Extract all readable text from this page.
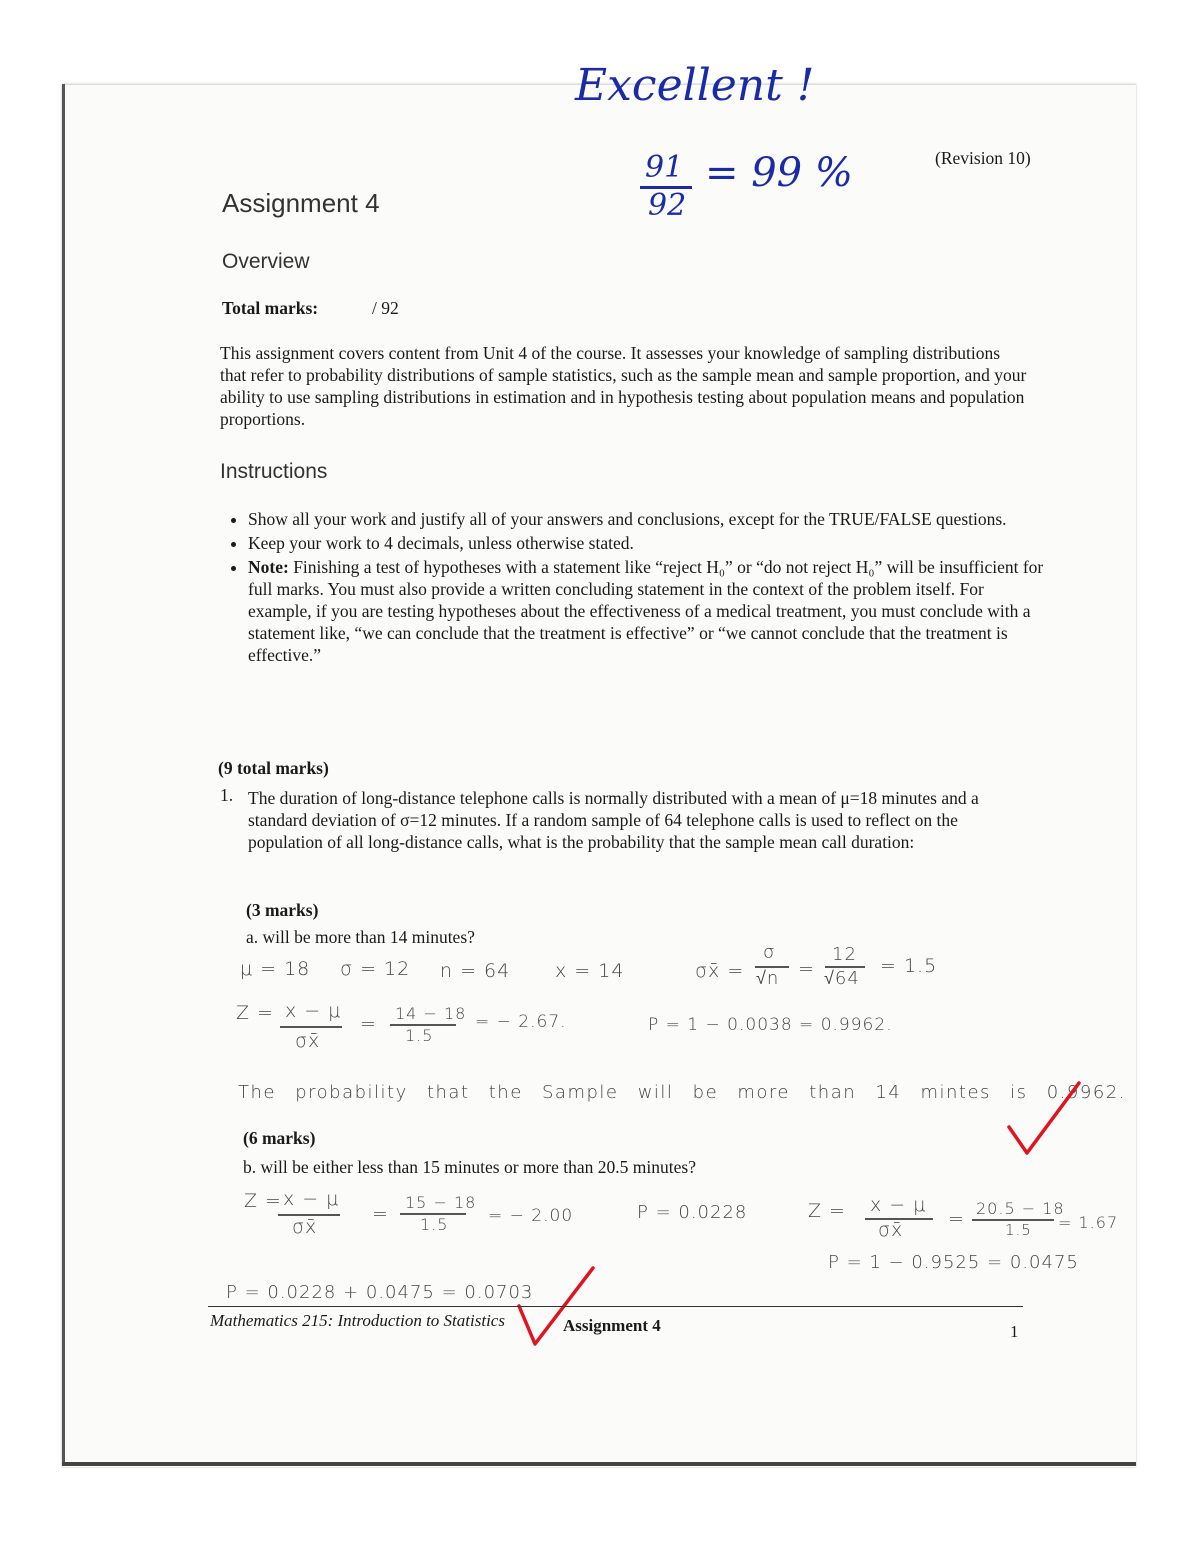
Excellent !
91
92
= 99 %	(Revision 10)
Assignment 4
Overview
Total marks:	/ 92
This assignment covers content from Unit 4 of the course. It assesses your knowledge of sampling distributions that refer to probability distributions of sample statistics, such as the sample mean and sample proportion, and your ability to use sampling distributions in estimation and in hypothesis testing about population means and population proportions.
Instructions
• Show all your work and justify all of your answers and conclusions, except for the TRUE/FALSE questions.
• Keep your work to 4 decimals, unless otherwise stated.
• Note: Finishing a test of hypotheses with a statement like “reject H₀” or “do not reject H₀” will be insufficient for full marks. You must also provide a written concluding statement in the context of the problem itself. For example, if you are testing hypotheses about the effectiveness of a medical treatment, you must conclude with a statement like, “we can conclude that the treatment is effective” or “we cannot conclude that the treatment is effective.”
(9 total marks)
1. The duration of long-distance telephone calls is normally distributed with a mean of μ=18 minutes and a standard deviation of σ=12 minutes. If a random sample of 64 telephone calls is used to reflect on the population of all long-distance calls, what is the probability that the sample mean call duration:
(3 marks)
a. will be more than 14 minutes?
μ = 18 σ = 12 n = 64 x = 14	σx̄ =
σ
√n =
12
√64
= 1.5
Z = x − μ
σx̄
= 14 − 18
1.5
= − 2.67.	P = 1 − 0.0038 = 0.9962.
The probability that the Sample will be more than 14 mintes is 0.9962.
(6 marks)
b. will be either less than 15 minutes or more than 20.5 minutes?
Z = x − μ
σx̄
=
15 − 18
1.5 = − 2.00	P = 0.0228	Z = x − μ
σx̄ = 20.5 − 18
1.5 = 1.67
P = 1 − 0.9525 = 0.0475
P = 0.0228 + 0.0475 = 0.0703
Mathematics 215: Introduction to Statistics	Assignment 4	1
